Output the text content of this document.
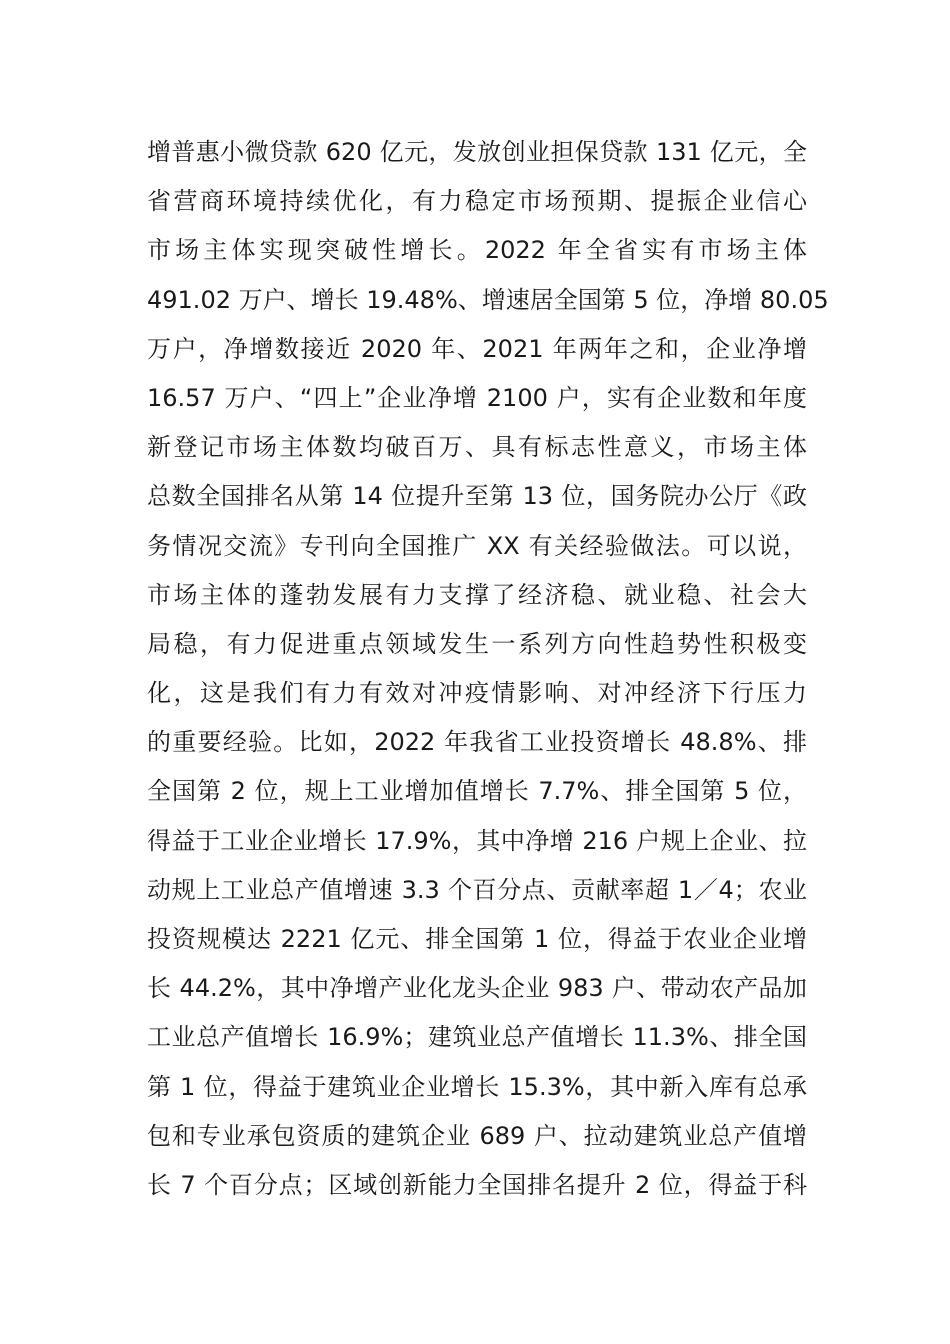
增普惠小微贷款 620 亿元，发放创业担保贷款 131 亿元，全
省营商环境持续优化，有力稳定市场预期、提振企业信心
市场主体实现突破性增长。2022 年全省实有市场主体
491.02 万户、增长 19.48%、增速居全国第 5 位，净增 80.05
万户，净增数接近 2020 年、2021 年两年之和，企业净增
16.57 万户、“四上”企业净增 2100 户，实有企业数和年度
新登记市场主体数均破百万、具有标志性意义，市场主体
总数全国排名从第 14 位提升至第 13 位，国务院办公厅《政
务情况交流》专刊向全国推广 XX 有关经验做法。可以说，
市场主体的蓬勃发展有力支撑了经济稳、就业稳、社会大
局稳，有力促进重点领域发生一系列方向性趋势性积极变
化，这是我们有力有效对冲疫情影响、对冲经济下行压力
的重要经验。比如，2022 年我省工业投资增长 48.8%、排
全国第 2 位，规上工业增加值增长 7.7%、排全国第 5 位，
得益于工业企业增长 17.9%，其中净增 216 户规上企业、拉
动规上工业总产值增速 3.3 个百分点、贡献率超 1／4；农业
投资规模达 2221 亿元、排全国第 1 位，得益于农业企业增
长 44.2%，其中净增产业化龙头企业 983 户、带动农产品加
工业总产值增长 16.9%；建筑业总产值增长 11.3%、排全国
第 1 位，得益于建筑业企业增长 15.3%，其中新入库有总承
包和专业承包资质的建筑企业 689 户、拉动建筑业总产值增
长 7 个百分点；区域创新能力全国排名提升 2 位，得益于科
